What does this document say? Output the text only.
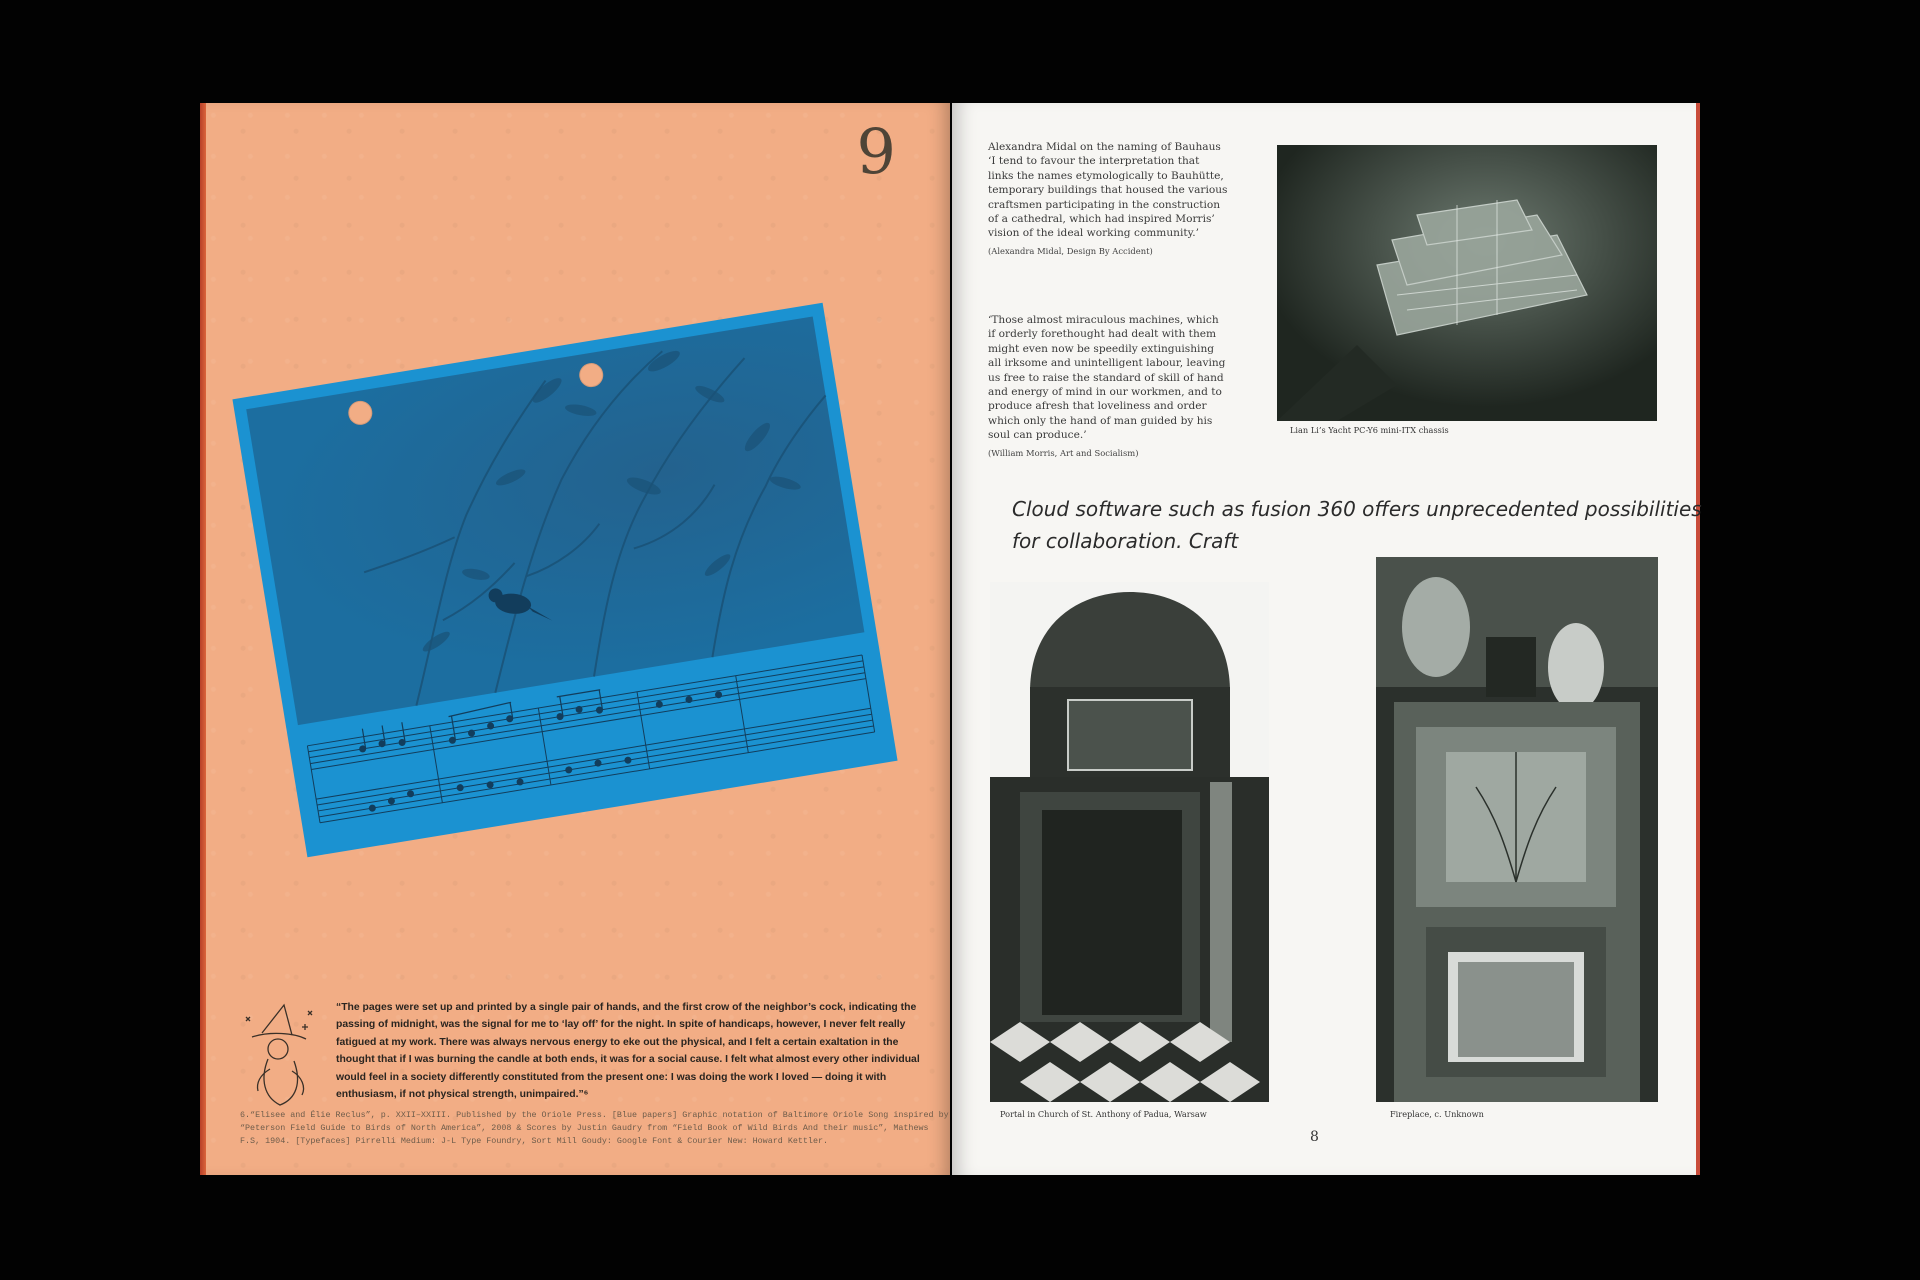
9
“The pages were set up and printed by a single pair of hands, and the first crow of the neighbor’s cock, indicating the passing of midnight, was the signal for me to ‘lay off’ for the night. In spite of handicaps, however, I never felt really fatigued at my work. There was always nervous energy to eke out the physical, and I felt a certain exaltation in the thought that if I was burning the candle at both ends, it was for a social cause. I felt what almost every other individual would feel in a society differently constituted from the present one: I was doing the work I loved — doing it with enthusiasm, if not physical strength, unimpaired.”⁶
6.“Elisee and Élie Reclus”, p. XXII–XXIII. Published by the Oriole Press. [Blue papers] Graphic notation of Baltimore Oriole Song inspired by “Peterson Field Guide to Birds of North America”, 2008 & Scores by Justin Gaudry from “Field Book of Wild Birds And their music”, Mathews F.S, 1904. [Typefaces] Pirrelli Medium: J-L Type Foundry, Sort Mill Goudy: Google Font & Courier New: Howard Kettler.
Alexandra Midal on the naming of Bauhaus
‘I tend to favour the interpretation that links the names etymologically to Bauhütte, temporary buildings that housed the various craftsmen participating in the construction of a cathedral, which had inspired Morris’ vision of the ideal working community.’
(Alexandra Midal, Design By Accident)
‘Those almost miraculous machines, which if orderly forethought had dealt with them might even now be speedily extinguishing all irksome and unintelligent labour, leaving us free to raise the standard of skill of hand and energy of mind in our workmen, and to produce afresh that loveliness and order which only the hand of man guided by his soul can produce.’
(William Morris, Art and Socialism)
Lian Li’s Yacht PC-Y6 mini-ITX chassis
Cloud software such as fusion 360 offers unprecedented possibilities
for collaboration. Craft
Portal in Church of St. Anthony of Padua, Warsaw	Fireplace, c. Unknown
8
